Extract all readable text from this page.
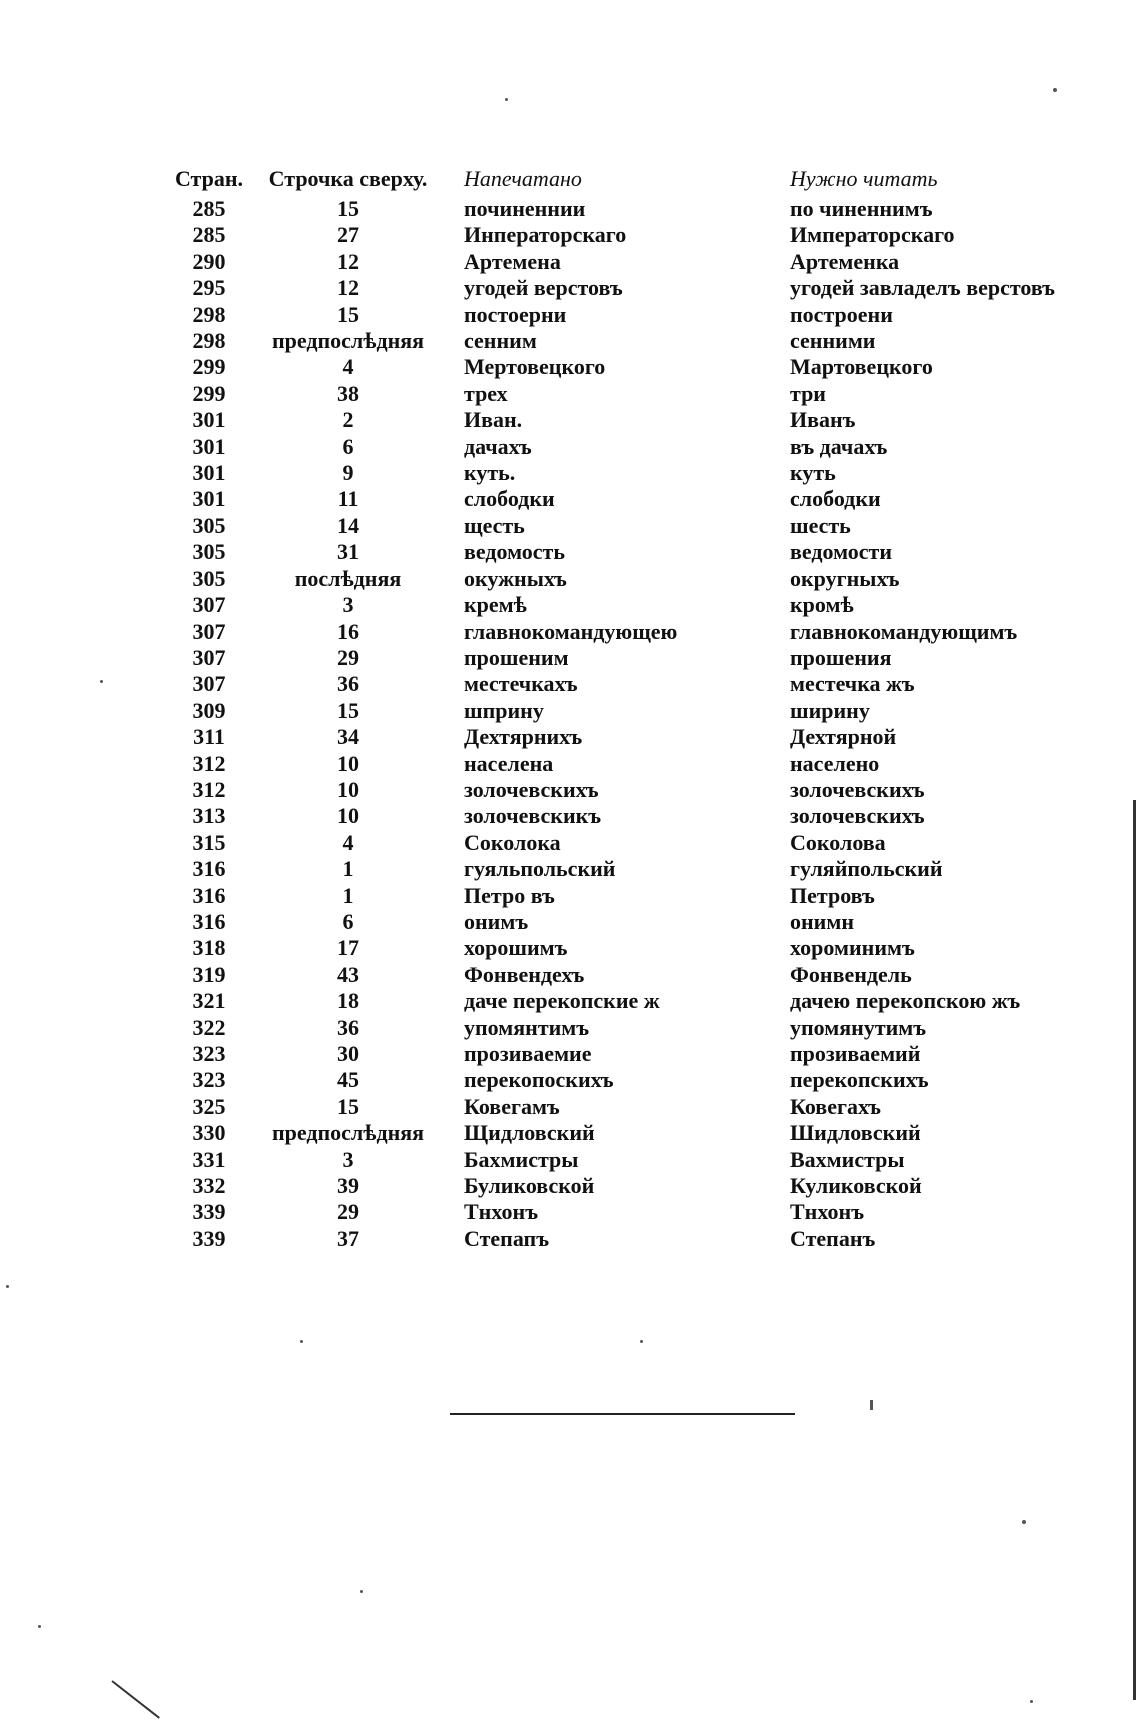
Стран.	Строчка сверху.	Напечатано	Нужно читать
285	15	починеннии	по чиненнимъ
285	27	Инператорскаго	Императорскаго
290	12	Артемена	Артеменка
295	12	угодей верстовъ	угодей завладелъ верстовъ

298	15	постоерни	построени
298	предпослѣдняя	сенним	сенними
299	4	Мертовецкого	Мартовецкого
299	38	трех	три
301	2	Иван.	Иванъ
301	6	дачахъ	въ дачахъ
301	9	куть.	куть
301	11	слободки	слободки
305	14	щесть	шесть
305	31	ведомость	ведомости
305	послѣдняя	окужныхъ	округныхъ
307	3	кремѣ	кромѣ
307	16	главнокомандующею	главнокомандующимъ
307	29	прошеним	прошения
307	36	местечкахъ	местечка жъ
309	15	шприну	ширину
311	34	Дехтярнихъ	Дехтярной
312	10	населена	населено
312	10	золочевскихъ	золочевскихъ
313	10	золочевскикъ	золочевскихъ
315	4	Соколока	Соколова
316	1	гуяльпольский	гуляйпольский
316	1	Петро въ	Петровъ
316	6	онимъ	онимн
318	17	хорошимъ	хороминимъ
319	43	Фонвендехъ	Фонвендель
321	18	даче перекопские ж	дачею перекопскою жъ
322	36	упомянтимъ	упомянутимъ
323	30	прозиваемие	прозиваемий
323	45	перекопоскихъ	перекопскихъ
325	15	Ковегамъ	Ковегахъ
330	предпослѣдняя	Щидловский	Шидловский
331	3	Бахмистры	Вахмистры
332	39	Буликовской	Куликовской
339	29	Тнхонъ	Тнхонъ
339	37	Степапъ	Степанъ
